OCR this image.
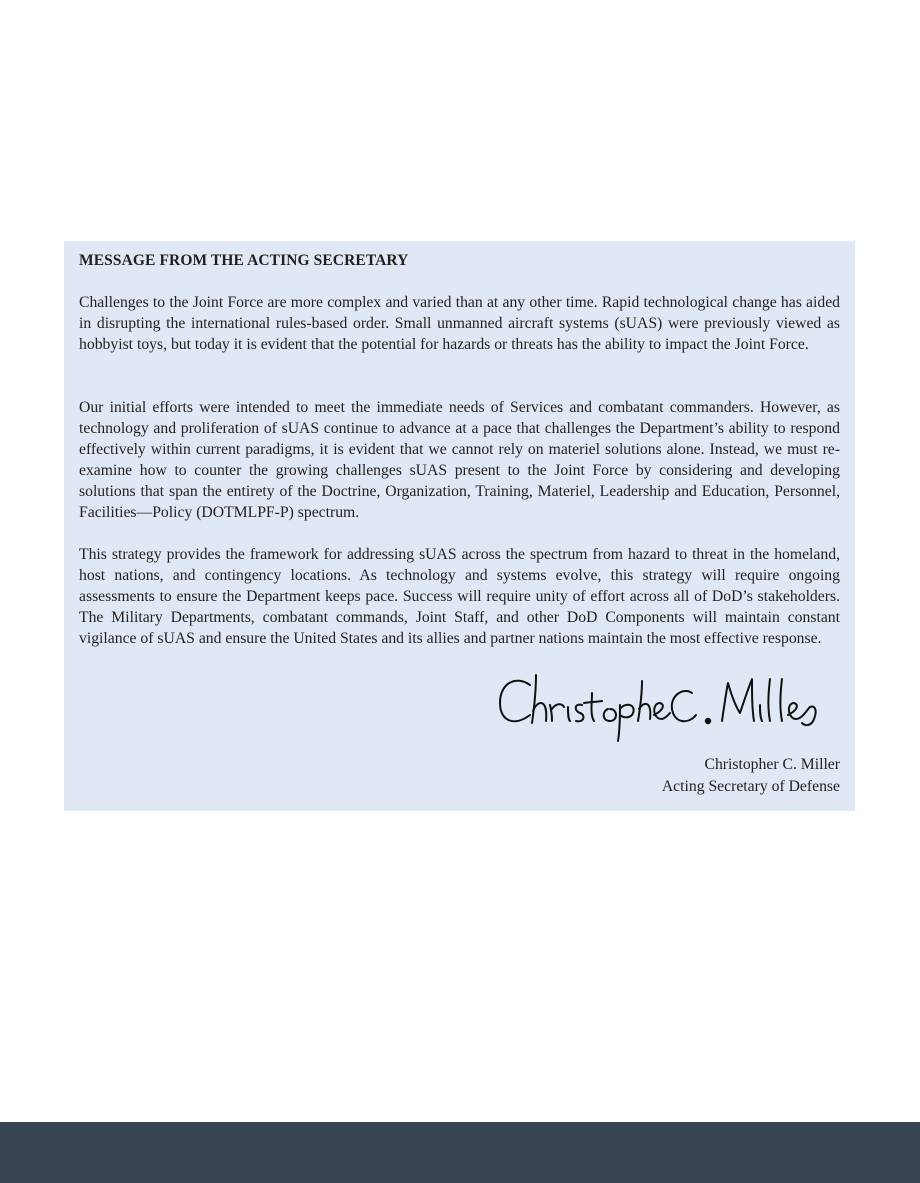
MESSAGE FROM THE ACTING SECRETARY

Challenges to the Joint Force are more complex and varied than at any other time. Rapid technological change has aided in disrupting the international rules-based order. Small unmanned aircraft systems (sUAS) were previously viewed as hobbyist toys, but today it is evident that the potential for hazards or threats has the ability to impact the Joint Force.

Our initial efforts were intended to meet the immediate needs of Services and combatant commanders. However, as technology and proliferation of sUAS continue to advance at a pace that challenges the Department’s ability to respond effectively within current paradigms, it is evident that we cannot rely on materiel solutions alone. Instead, we must re-examine how to counter the growing challenges sUAS present to the Joint Force by considering and developing solutions that span the entirety of the Doctrine, Organization, Training, Materiel, Leadership and Education, Personnel, Facilities—Policy (DOTMLPF-P) spectrum.

This strategy provides the framework for addressing sUAS across the spectrum from hazard to threat in the homeland, host nations, and contingency locations. As technology and systems evolve, this strategy will require ongoing assessments to ensure the Department keeps pace. Success will require unity of effort across all of DoD’s stakeholders. The Military Departments, combatant commands, Joint Staff, and other DoD Components will maintain constant vigilance of sUAS and ensure the United States and its allies and partner nations maintain the most effective response.

Christopher C. Miller

Acting Secretary of Defense
